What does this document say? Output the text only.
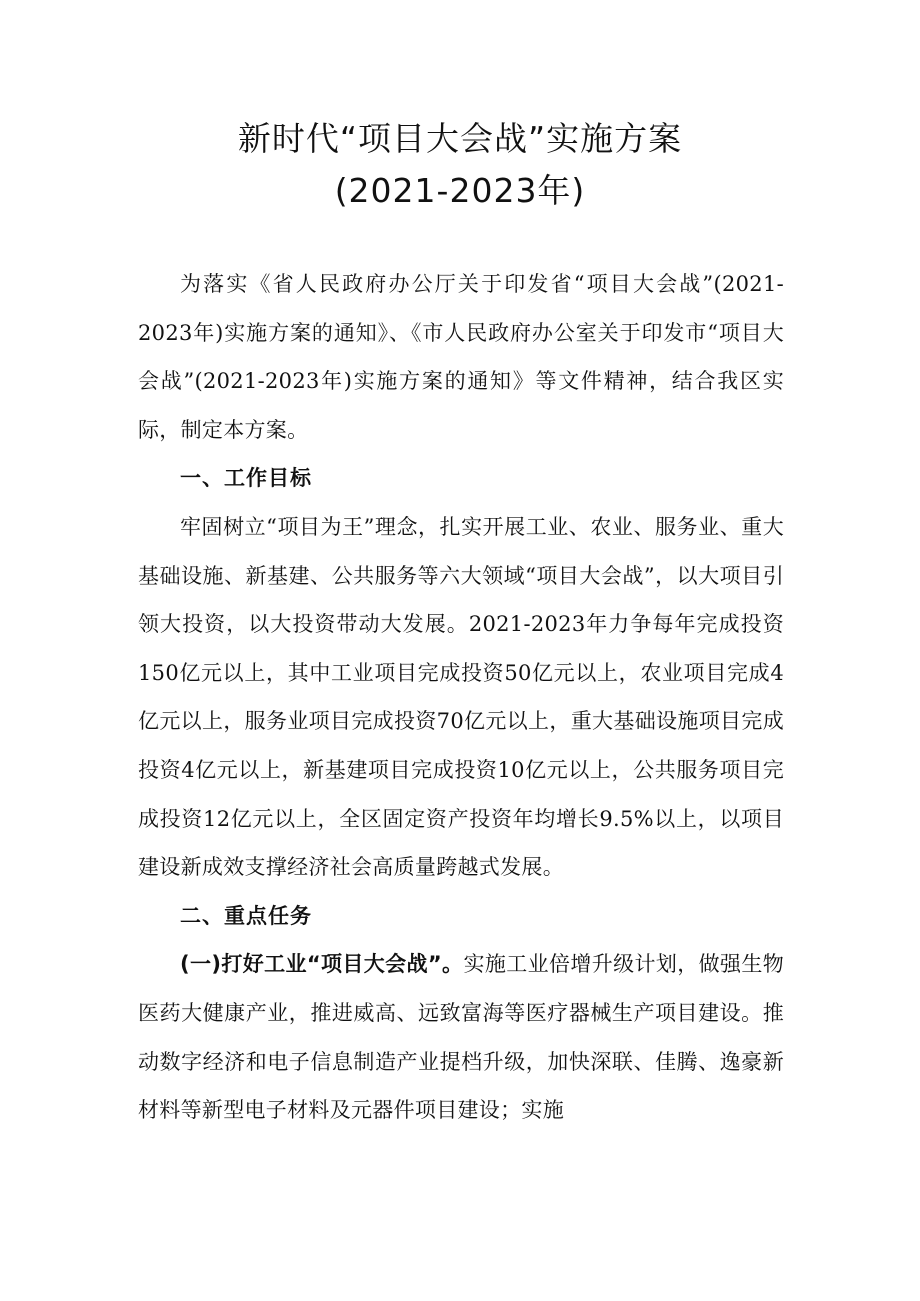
新时代“项目大会战”实施方案
(2021-2023年)

为落实《省人民政府办公厅关于印发省“项目大会战”(2021-2023年)实施方案的通知》、《市人民政府办公室关于印发市“项目大会战”(2021-2023年)实施方案的通知》等文件精神，结合我区实际，制定本方案。

一、工作目标

牢固树立“项目为王”理念，扎实开展工业、农业、服务业、重大基础设施、新基建、公共服务等六大领域“项目大会战”，以大项目引领大投资，以大投资带动大发展。2021-2023年力争每年完成投资150亿元以上，其中工业项目完成投资50亿元以上，农业项目完成4亿元以上，服务业项目完成投资70亿元以上，重大基础设施项目完成投资4亿元以上，新基建项目完成投资10亿元以上，公共服务项目完成投资12亿元以上，全区固定资产投资年均增长9.5%以上，以项目建设新成效支撑经济社会高质量跨越式发展。

二、重点任务

(一)打好工业“项目大会战”。实施工业倍增升级计划，做强生物医药大健康产业，推进威高、远致富海等医疗器械生产项目建设。推动数字经济和电子信息制造产业提档升级，加快深联、佳腾、逸豪新材料等新型电子材料及元器件项目建设；实施
